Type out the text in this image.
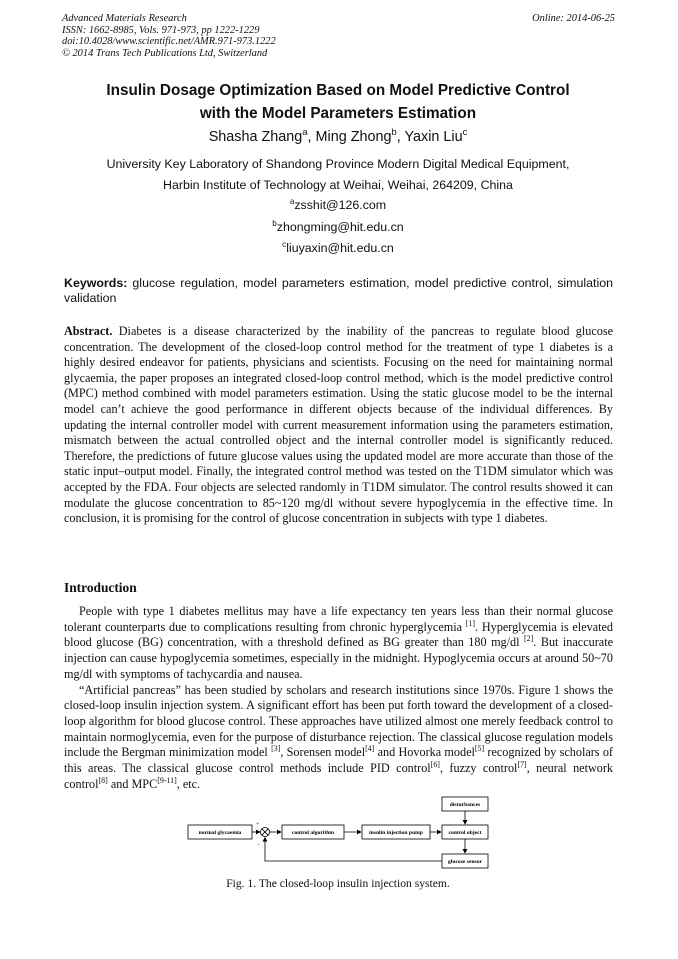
Advanced Materials Research
ISSN: 1662-8985, Vols. 971-973, pp 1222-1229
doi:10.4028/www.scientific.net/AMR.971-973.1222
© 2014 Trans Tech Publications Ltd, Switzerland
Online: 2014-06-25
Insulin Dosage Optimization Based on Model Predictive Control
with the Model Parameters Estimation
Shasha Zhang$^a$, Ming Zhong$^b$, Yaxin Liu$^c$
University Key Laboratory of Shandong Province Modern Digital Medical Equipment,
Harbin Institute of Technology at Weihai, Weihai, 264209, China
$^a$zsshit@126.com
$^b$zhongming@hit.edu.cn
$^c$liuyaxin@hit.edu.cn
Keywords: glucose regulation, model parameters estimation, model predictive control, simulation validation
Abstract. Diabetes is a disease characterized by the inability of the pancreas to regulate blood glucose concentration. The development of the closed-loop control method for the treatment of type 1 diabetes is a highly desired endeavor for patients, physicians and scientists. Focusing on the need for maintaining normal glycaemia, the paper proposes an integrated closed-loop control method, which is the model predictive control (MPC) method combined with model parameters estimation. Using the static glucose model to be the internal model can’t achieve the good performance in different objects because of the individual differences. By updating the internal controller model with current measurement information using the parameters estimation, mismatch between the actual controlled object and the internal controller model is significantly reduced. Therefore, the predictions of future glucose values using the updated model are more accurate than those of the static input–output model. Finally, the integrated control method was tested on the T1DM simulator which was accepted by the FDA. Four objects are selected randomly in T1DM simulator. The control results showed it can modulate the glucose concentration to 85~120 mg/dl without severe hypoglycemia in the effective time. In conclusion, it is promising for the control of glucose concentration in subjects with type 1 diabetes.
Introduction

People with type 1 diabetes mellitus may have a life expectancy ten years less than their normal glucose tolerant counterparts due to complications resulting from chronic hyperglycemia [1]. Hyperglycemia is elevated blood glucose (BG) concentration, with a threshold defined as BG greater than 180 mg/dl [2]. But inaccurate injection can cause hypoglycemia sometimes, especially in the midnight. Hypoglycemia occurs at around 50~70 mg/dl with symptoms of tachycardia and nausea.

“Artificial pancreas” has been studied by scholars and research institutions since 1970s. Figure 1 shows the closed-loop insulin injection system. A significant effort has been put forth toward the development of a closed-loop algorithm for blood glucose control. These approaches have utilized almost one merely feedback control to maintain normoglycemia, even for the purpose of disturbance rejection. The classical glucose regulation models include the Bergman minimization model [3], Sorensen model[4] and Hovorka model[5] recognized by scholars of this areas. The classical glucose control methods include PID control[6], fuzzy control[7], neural network control[8] and MPC[9-11], etc.

normal glycaemia	control algorithm	insulin injection pump	control object
disturbances
glucose sensor
+
−
Fig. 1. The closed-loop insulin injection system.
